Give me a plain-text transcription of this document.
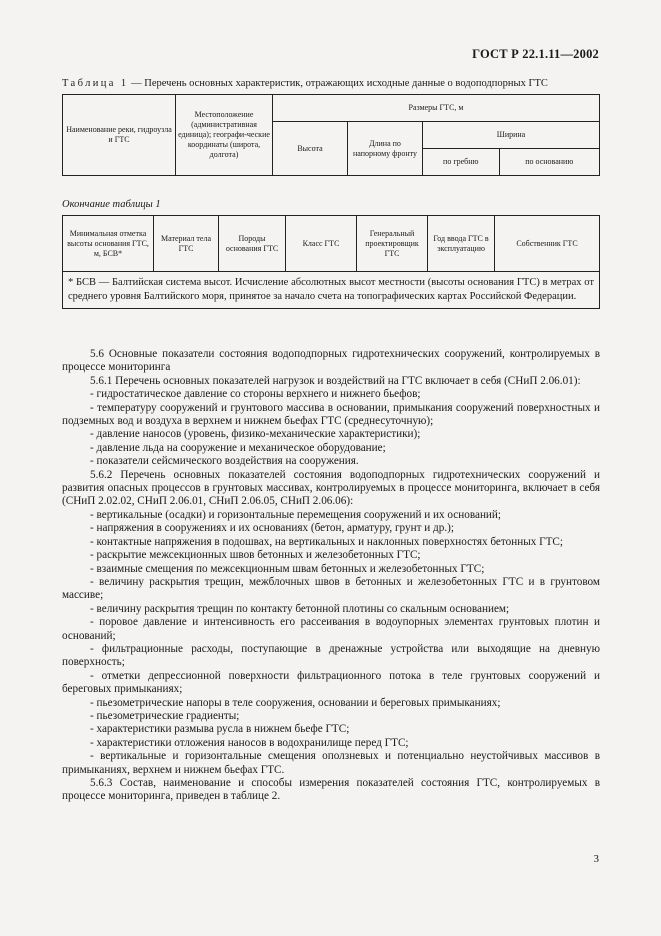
ГОСТ Р 22.1.11—2002
Таблица 1 — Перечень основных характеристик, отражающих исходные данные о водоподпорных ГТС
Наименование реки, гидроузла и ГТС	Местоположение (административная единица); географи-ческие координаты (широта, долгота)	Размеры ГТС, м			
		Высота	Длина по напорному фронту	Ширина	
				по гребню	по основанию
Окончание таблицы 1
Минимальная отметка высоты основания ГТС, м, БСВ*	Материал тела ГТС	Породы основания ГТС	Класс ГТС	Генеральный проектировщик ГТС	Год ввода ГТС в эксплуатацию	Собственник ГТС
* БСВ — Балтийская система высот. Исчисление абсолютных высот местности (высоты основания ГТС) в метрах от среднего уровня Балтийского моря, принятое за начало счета на топографических картах Российской Федерации.

5.6 Основные показатели состояния водоподпорных гидротехнических сооружений, контролируемых в процессе мониторинга

5.6.1 Перечень основных показателей нагрузок и воздействий на ГТС включает в себя (СНиП 2.06.01):

- гидростатическое давление со стороны верхнего и нижнего бьефов;

- температуру сооружений и грунтового массива в основании, примыкания сооружений поверхностных и подземных вод и воздуха в верхнем и нижнем бьефах ГТС (среднесуточную);

- давление наносов (уровень, физико-механические характеристики);

- давление льда на сооружение и механическое оборудование;

- показатели сейсмического воздействия на сооружения.

5.6.2 Перечень основных показателей состояния водоподпорных гидротехнических сооружений и развития опасных процессов в грунтовых массивах, контролируемых в процессе мониторинга, включает в себя (СНиП 2.02.02, СНиП 2.06.01, СНиП 2.06.05, СНиП 2.06.06):

- вертикальные (осадки) и горизонтальные перемещения сооружений и их оснований;

- напряжения в сооружениях и их основаниях (бетон, арматуру, грунт и др.);

- контактные напряжения в подошвах, на вертикальных и наклонных поверхностях бетонных ГТС;

- раскрытие межсекционных швов бетонных и железобетонных ГТС;

- взаимные смещения по межсекционным швам бетонных и железобетонных ГТС;

- величину раскрытия трещин, межблочных швов в бетонных и железобетонных ГТС и в грунтовом массиве;

- величину раскрытия трещин по контакту бетонной плотины со скальным основанием;

- поровое давление и интенсивность его рассеивания в водоупорных элементах грунтовых плотин и оснований;

- фильтрационные расходы, поступающие в дренажные устройства или выходящие на дневную поверхность;

- отметки депрессионной поверхности фильтрационного потока в теле грунтовых сооружений и береговых примыканиях;

- пьезометрические напоры в теле сооружения, основании и береговых примыканиях;

- пьезометрические градиенты;

- характеристики размыва русла в нижнем бьефе ГТС;

- характеристики отложения наносов в водохранилище перед ГТС;

- вертикальные и горизонтальные смещения оползневых и потенциально неустойчивых массивов в примыканиях, верхнем и нижнем бьефах ГТС.

5.6.3 Состав, наименование и способы измерения показателей состояния ГТС, контролируемых в процессе мониторинга, приведен в таблице 2.

3
